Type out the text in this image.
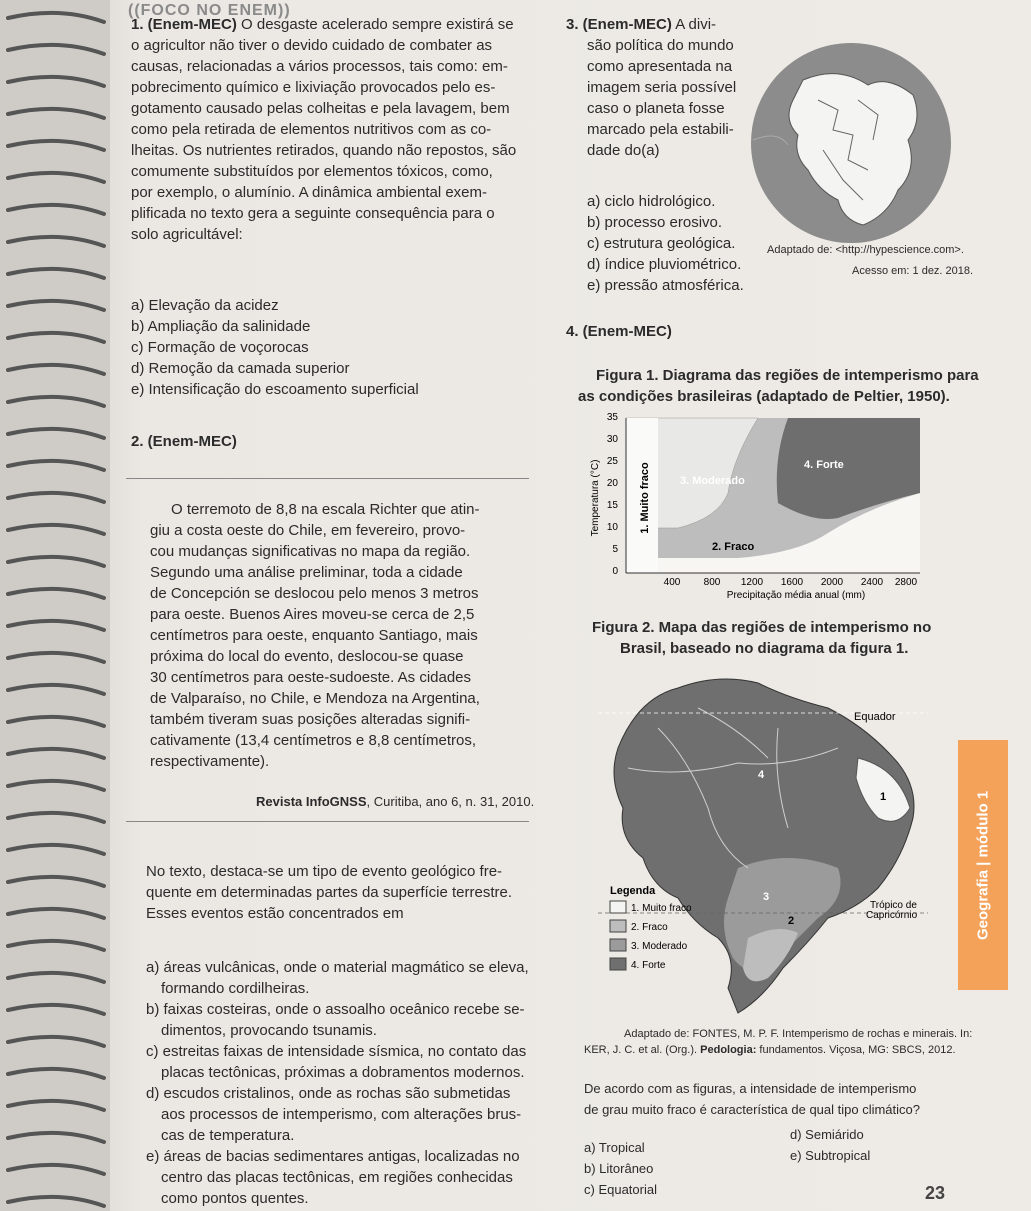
((FOCO NO ENEM))
1. (Enem-MEC) O desgaste acelerado sempre existirá se
o agricultor não tiver o devido cuidado de combater as
causas, relacionadas a vários processos, tais como: em-
pobrecimento químico e lixiviação provocados pelo es-
gotamento causado pelas colheitas e pela lavagem, bem
como pela retirada de elementos nutritivos com as co-
lheitas. Os nutrientes retirados, quando não repostos, são
comumente substituídos por elementos tóxicos, como,
por exemplo, o alumínio. A dinâmica ambiental exem-
plificada no texto gera a seguinte consequência para o
solo agricultável:
a) Elevação da acidez
b) Ampliação da salinidade
c) Formação de voçorocas
d) Remoção da camada superior
e) Intensificação do escoamento superficial
2. (Enem-MEC)
O terremoto de 8,8 na escala Richter que atin-
giu a costa oeste do Chile, em fevereiro, provo-
cou mudanças significativas no mapa da região.
Segundo uma análise preliminar, toda a cidade
de Concepción se deslocou pelo menos 3 metros
para oeste. Buenos Aires moveu-se cerca de 2,5
centímetros para oeste, enquanto Santiago, mais
próxima do local do evento, deslocou-se quase
30 centímetros para oeste-sudoeste. As cidades
de Valparaíso, no Chile, e Mendoza na Argentina,
também tiveram suas posições alteradas signifi-
cativamente (13,4 centímetros e 8,8 centímetros,
respectivamente).
Revista InfoGNSS, Curitiba, ano 6, n. 31, 2010.
No texto, destaca-se um tipo de evento geológico fre-
quente em determinadas partes da superfície terrestre.
Esses eventos estão concentrados em
a) áreas vulcânicas, onde o material magmático se eleva,
formando cordilheiras.
b) faixas costeiras, onde o assoalho oceânico recebe se-
dimentos, provocando tsunamis.
c) estreitas faixas de intensidade sísmica, no contato das
placas tectônicas, próximas a dobramentos modernos.
d) escudos cristalinos, onde as rochas são submetidas
aos processos de intemperismo, com alterações brus-
cas de temperatura.
e) áreas de bacias sedimentares antigas, localizadas no
centro das placas tectônicas, em regiões conhecidas
como pontos quentes.
3. (Enem-MEC) A divi-
são política do mundo
como apresentada na
imagem seria possível
caso o planeta fosse
marcado pela estabili-
dade do(a)
a) ciclo hidrológico.
b) processo erosivo.
c) estrutura geológica.
d) índice pluviométrico.
e) pressão atmosférica.
Adaptado de: <http://hypescience.com>.
Acesso em: 1 dez. 2018.
4. (Enem-MEC)
Figura 1. Diagrama das regiões de intemperismo para
as condições brasileiras (adaptado de Peltier, 1950).
35
30
25
20
15
10
5
0
400 800 1200 1600 2000 2400 2800
Precipitação média anual (mm)
Temperatura (°C)	1. Muito fraco
2. Fraco
3. Moderado
4. Forte
Figura 2. Mapa das regiões de intemperismo no
Brasil, baseado no diagrama da figura 1.
Equador
Trópico de
Capricórnio
4
1
3
2
Legenda
1. Muito fraco
2. Fraco
3. Moderado
4. Forte
Adaptado de: FONTES, M. P. F. Intemperismo de rochas e minerais. In:
KER, J. C. et al. (Org.). Pedologia: fundamentos. Viçosa, MG: SBCS, 2012.
De acordo com as figuras, a intensidade de intemperismo
de grau muito fraco é característica de qual tipo climático?
a) Tropical
b) Litorâneo
c) Equatorial
d) Semiárido
e) Subtropical
Geografia | módulo 1
23
